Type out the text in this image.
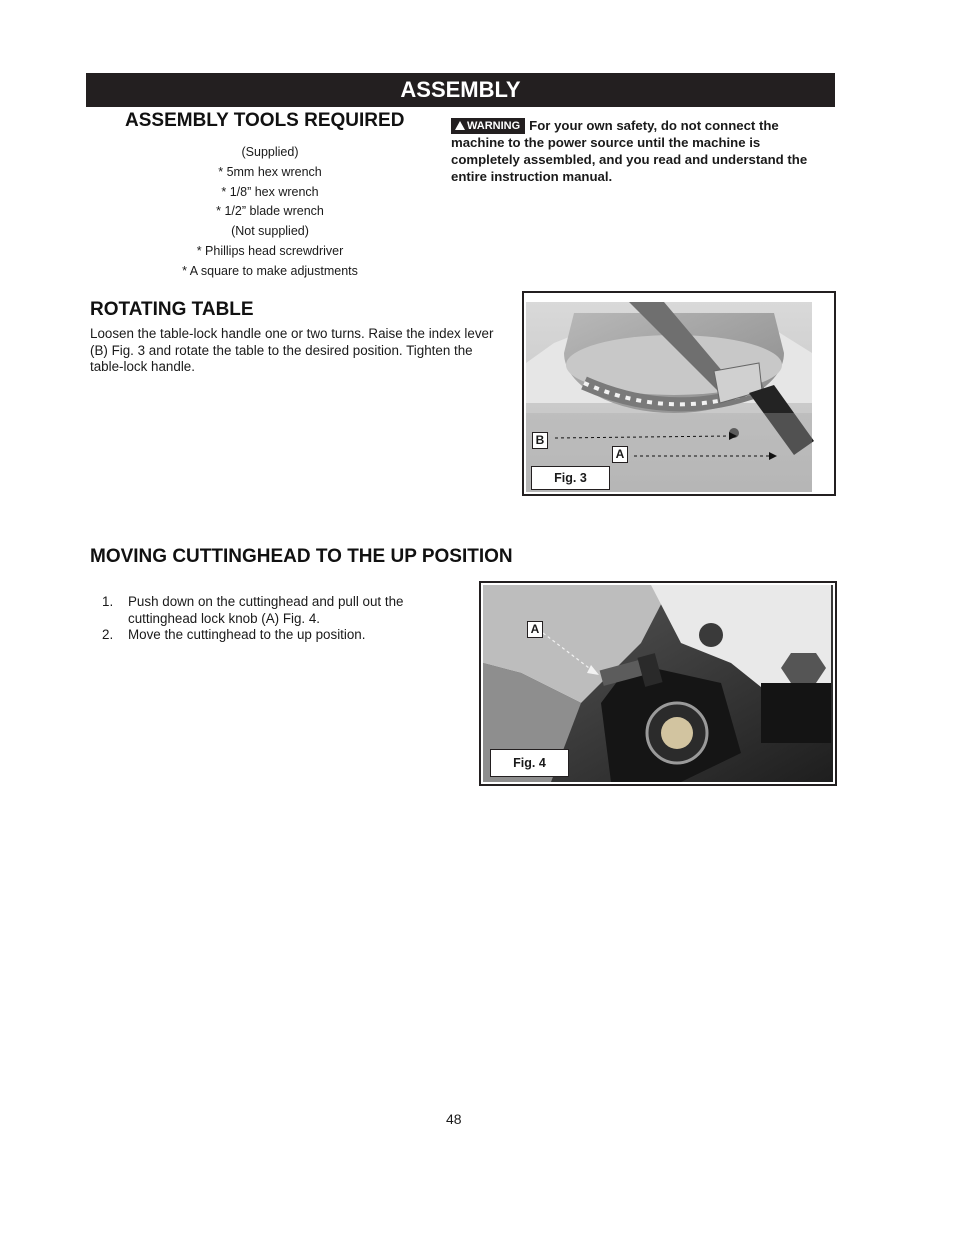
ASSEMBLY
ASSEMBLY TOOLS REQUIRED
(Supplied)
* 5mm hex wrench
* 1/8” hex wrench
* 1/2” blade wrench
(Not supplied)
* Phillips head screwdriver
* A square to make adjustments
WARNING For your own safety, do not connect the machine to the power source until the machine is completely assembled, and you read and understand the entire instruction manual.
ROTATING TABLE
Loosen the table-lock handle one or two turns. Raise the index lever (B) Fig. 3 and rotate the table to the desired position. Tighten the table-lock handle.
B
A
Fig. 3
MOVING CUTTINGHEAD TO THE UP POSITION
1. Push down on the cuttinghead and pull out the cuttinghead lock knob (A) Fig. 4.
2. Move the cuttinghead to the up position.	A
Fig. 4
48
